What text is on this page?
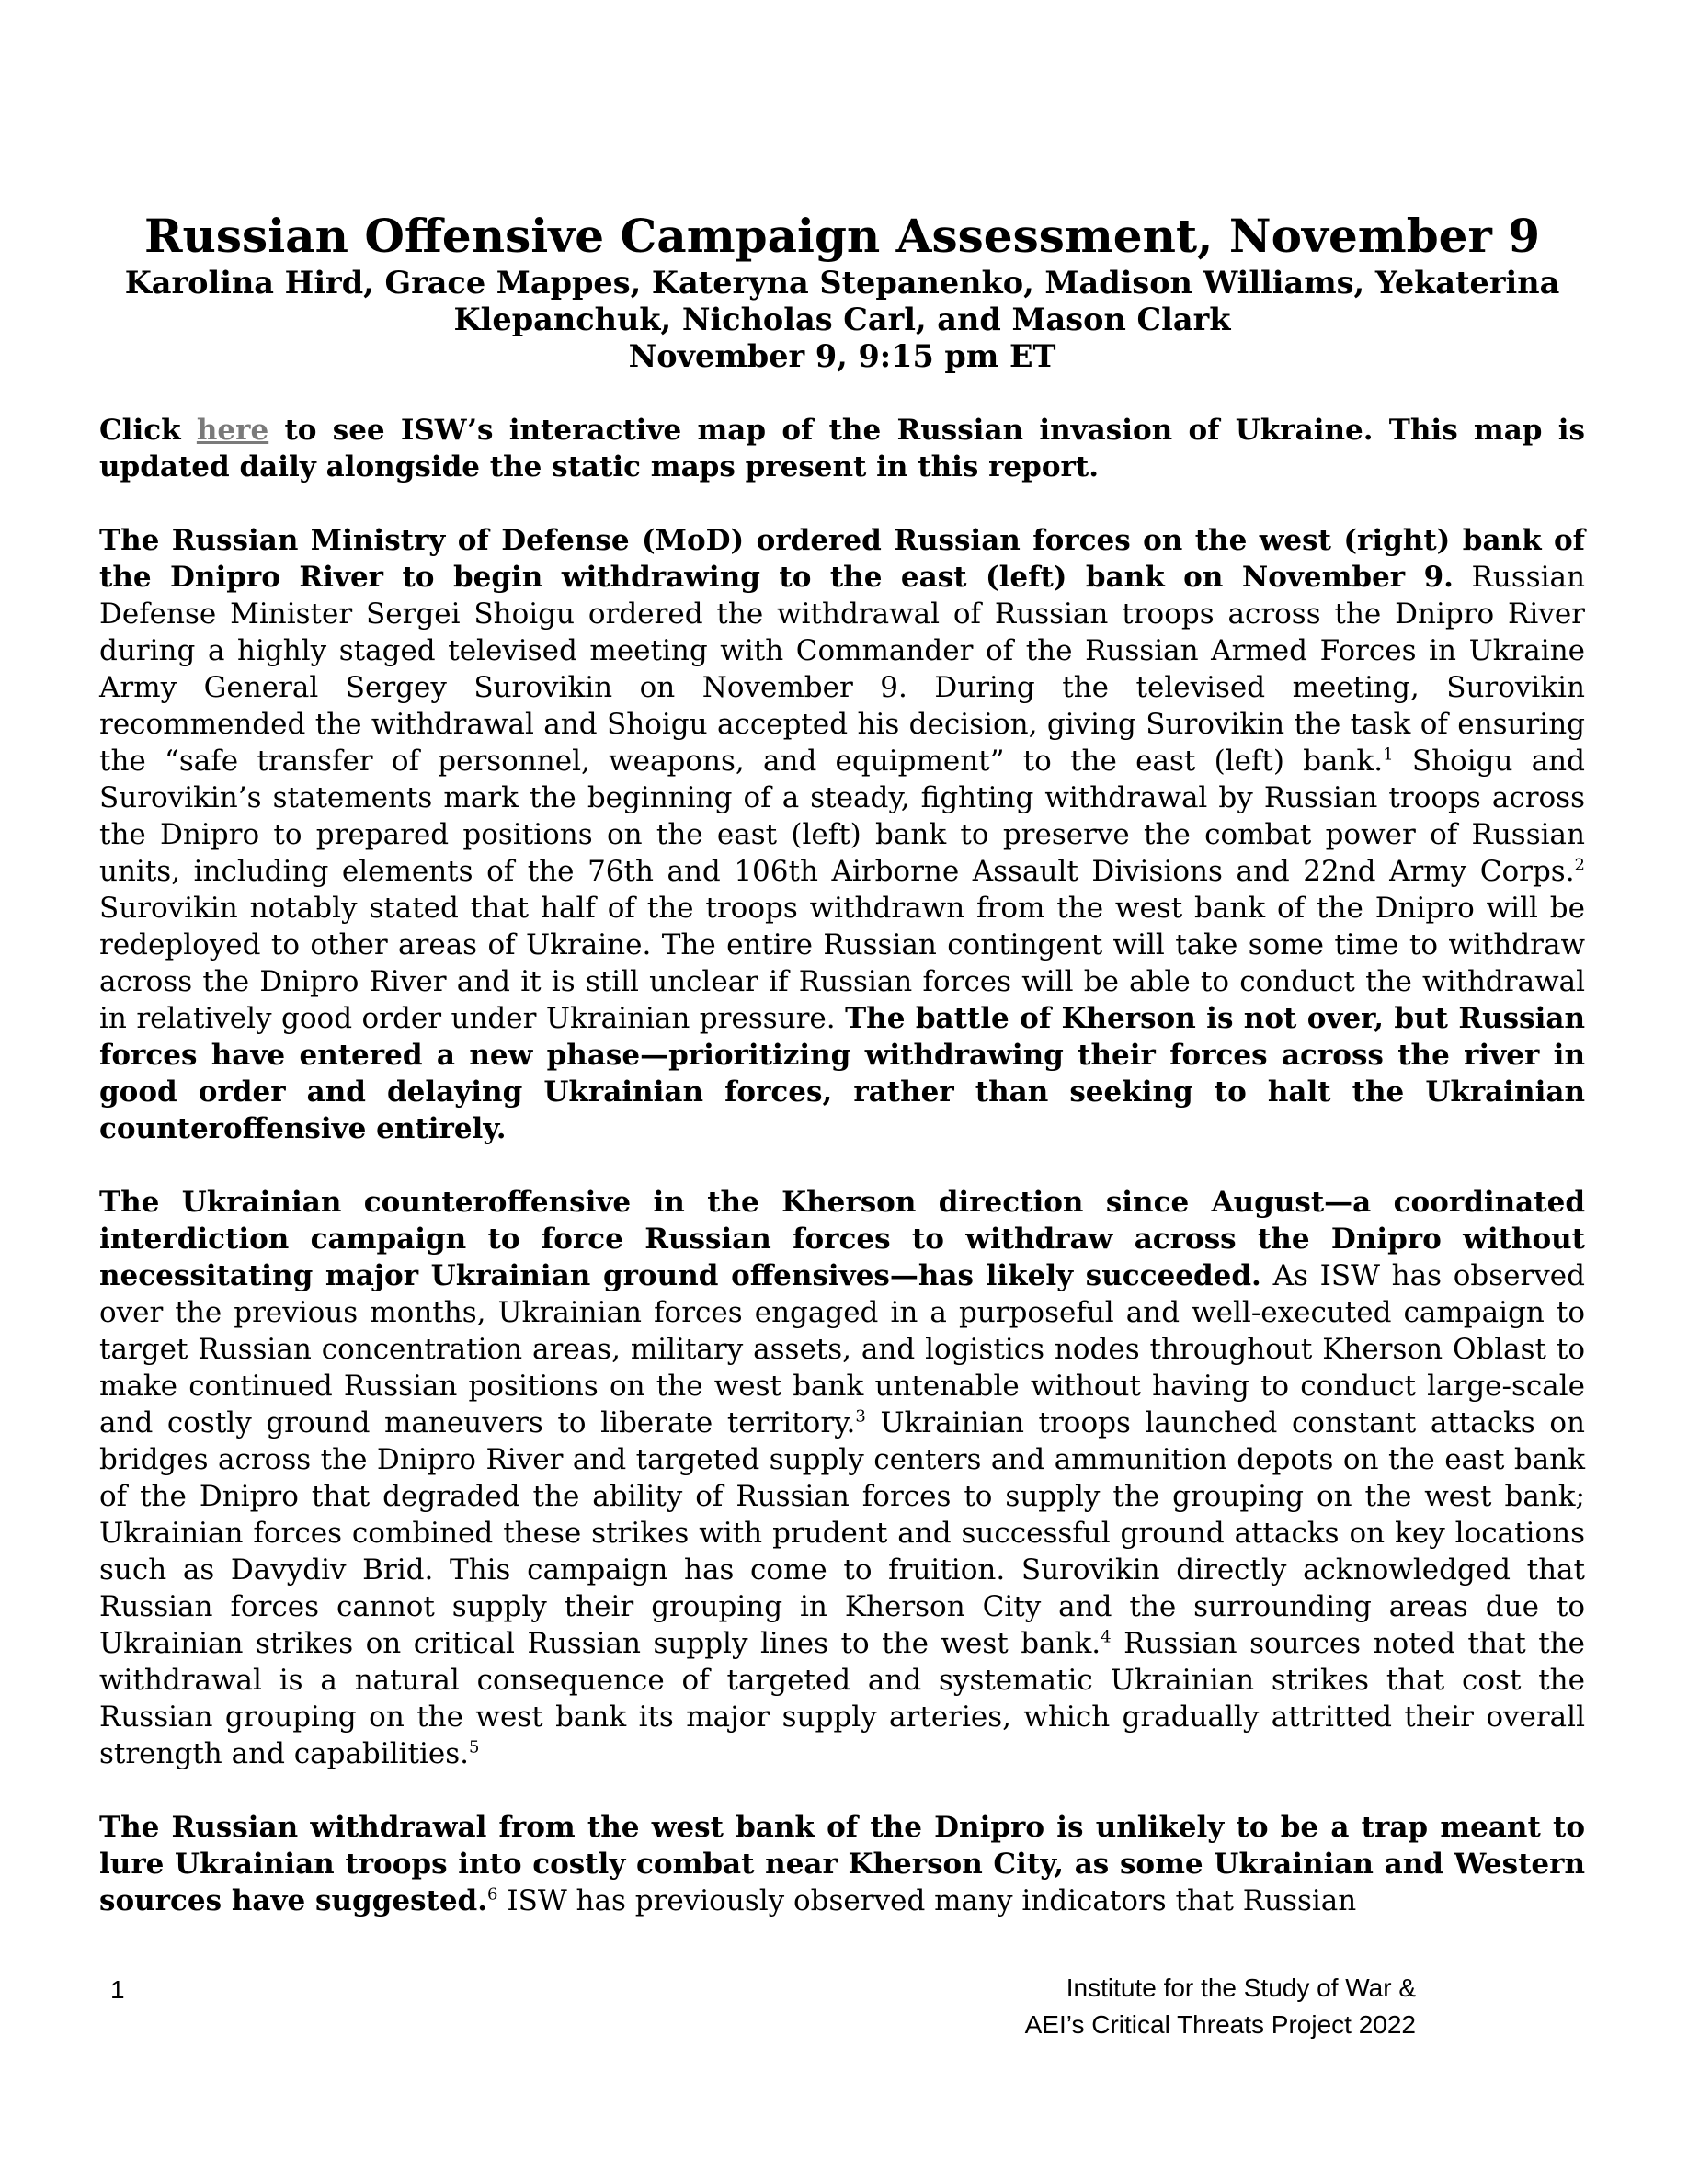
Russian Offensive Campaign Assessment, November 9
Karolina Hird, Grace Mappes, Kateryna Stepanenko, Madison Williams, Yekaterina Klepanchuk, Nicholas Carl, and Mason Clark
November 9, 9:15 pm ET

Click here to see ISW’s interactive map of the Russian invasion of Ukraine. This map is updated daily alongside the static maps present in this report.

The Russian Ministry of Defense (MoD) ordered Russian forces on the west (right) bank of the Dnipro River to begin withdrawing to the east (left) bank on November 9. Russian Defense Minister Sergei Shoigu ordered the withdrawal of Russian troops across the Dnipro River during a highly staged televised meeting with Commander of the Russian Armed Forces in Ukraine Army General Sergey Surovikin on November 9. During the televised meeting, Surovikin recommended the withdrawal and Shoigu accepted his decision, giving Surovikin the task of ensuring the “safe transfer of personnel, weapons, and equipment” to the east (left) bank.$^1$ Shoigu and Surovikin’s statements mark the beginning of a steady, fighting withdrawal by Russian troops across the Dnipro to prepared positions on the east (left) bank to preserve the combat power of Russian units, including elements of the 76th and 106th Airborne Assault Divisions and 22nd Army Corps.$^2$ Surovikin notably stated that half of the troops withdrawn from the west bank of the Dnipro will be redeployed to other areas of Ukraine. The entire Russian contingent will take some time to withdraw across the Dnipro River and it is still unclear if Russian forces will be able to conduct the withdrawal in relatively good order under Ukrainian pressure. The battle of Kherson is not over, but Russian forces have entered a new phase—prioritizing withdrawing their forces across the river in good order and delaying Ukrainian forces, rather than seeking to halt the Ukrainian counteroffensive entirely.

The Ukrainian counteroffensive in the Kherson direction since August—a coordinated interdiction campaign to force Russian forces to withdraw across the Dnipro without necessitating major Ukrainian ground offensives—has likely succeeded. As ISW has observed over the previous months, Ukrainian forces engaged in a purposeful and well-executed campaign to target Russian concentration areas, military assets, and logistics nodes throughout Kherson Oblast to make continued Russian positions on the west bank untenable without having to conduct large-scale and costly ground maneuvers to liberate territory.$^3$ Ukrainian troops launched constant attacks on bridges across the Dnipro River and targeted supply centers and ammunition depots on the east bank of the Dnipro that degraded the ability of Russian forces to supply the grouping on the west bank; Ukrainian forces combined these strikes with prudent and successful ground attacks on key locations such as Davydiv Brid. This campaign has come to fruition. Surovikin directly acknowledged that Russian forces cannot supply their grouping in Kherson City and the surrounding areas due to Ukrainian strikes on critical Russian supply lines to the west bank.$^4$ Russian sources noted that the withdrawal is a natural consequence of targeted and systematic Ukrainian strikes that cost the Russian grouping on the west bank its major supply arteries, which gradually attritted their overall strength and capabilities.$^5$

The Russian withdrawal from the west bank of the Dnipro is unlikely to be a trap meant to lure Ukrainian troops into costly combat near Kherson City, as some Ukrainian and Western sources have suggested.$^6$ ISW has previously observed many indicators that Russian

1	Institute for the Study of War &
AEI’s Critical Threats Project 2022
